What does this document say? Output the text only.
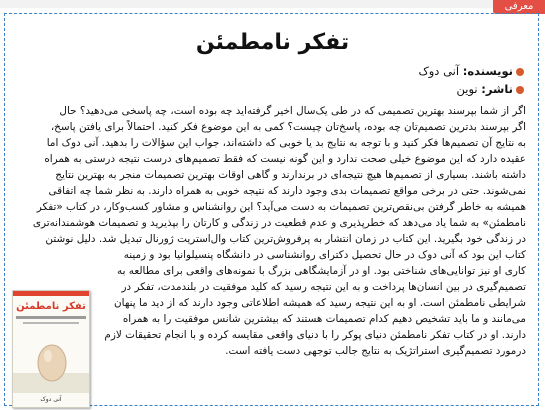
معرفی
تفکر نامطمئن
نویسنده: آنی دوک
ناشر: نوین
اگر از شما بپرسند بهترین تصمیمی که در طی یک‌سال اخیر گرفته‌اید چه بوده است، چه پاسخی می‌دهید؟ حال
اگر بپرسند بدترین تصمیم‌تان چه بوده، پاسخ‌تان چیست؟ کمی به این موضوع فکر کنید. احتمالاً برای یافتن پاسخ،
به نتایج آن تصمیم‌ها فکر کنید و با توجه به نتایج بد یا خوبی که داشته‌اند، جواب این سؤالات را بدهید. آنی دوک اما
عقیده دارد که این موضوع خیلی صحت ندارد و این گونه نیست که فقط تصمیم‌های درست نتیجه درستی به همراه
داشته باشند. بسیاری از تصمیم‌ها هیچ نتیجه‌ای در برندارند و گاهی اوقات بهترین تصمیمات منجر به بهترین نتایج
نمی‌شوند. حتی در برخی مواقع تصمیمات بدی وجود دارند که نتیجه خوبی به همراه دارند. به نظر شما چه اتفاقی
همیشه به خاطر گرفتن بی‌نقص‌ترین تصمیمات به دست می‌آید؟ این روانشناس و مشاور کسب‌وکار، در کتاب «تفکر
نامطمئن» به شما یاد می‌دهد که خطرپذیری و عدم قطعیت در زندگی و کارتان را بپذیرید و تصمیمات هوشمندانه‌تری
در زندگی خود بگیرید. این کتاب در زمان انتشار به پرفروش‌ترین کتاب وال‌استریت ژورنال تبدیل شد. دلیل نوشتن
کتاب این بود که آنی دوک در حال تحصیل دکترای روانشناسی در دانشگاه پنسیلوانیا بود و زمینه
کاری او نیز توانایی‌های شناختی بود. او در آزمایشگاهی بزرگ با نمونه‌های واقعی برای مطالعه به
تصمیم‌گیری در بین انسان‌ها پرداخت و به این نتیجه رسید که کلید موفقیت در بلندمدت، تفکر در
شرایطی نامطمئن است. او به این نتیجه رسید که همیشه اطلاعاتی وجود دارند که از دید ما پنهان
می‌مانند و ما باید تشخیص دهیم کدام تصمیمات هستند که بیشترین شانس موفقیت را به همراه
دارند. او در کتاب تفکر نامطمئن دنیای پوکر را با دنیای واقعی مقایسه کرده و با انجام تحقیقات لازم
درمورد تصمیم‌گیری استراتژیک به نتایج جالب توجهی دست یافته است.
تفکر نامطمئن
آنی دوک
